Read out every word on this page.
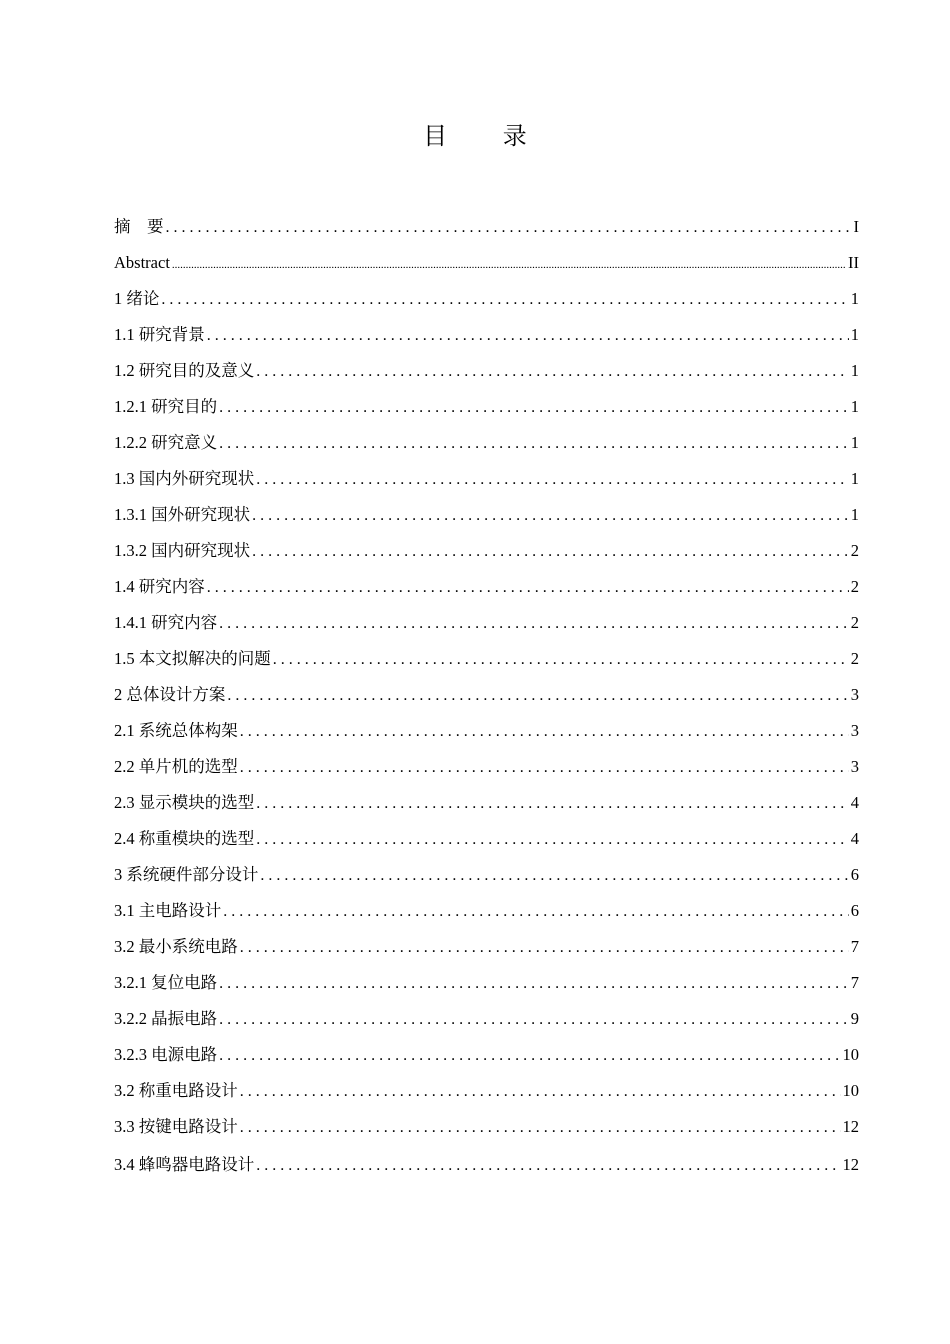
目 录
摘　要 . . .	I
Abstract .....	II
1 绪论 . . .	1
1.1 研究背景 . . .	1
1.2 研究目的及意义 . . .	1
1.2.1 研究目的 . . .	1
1.2.2 研究意义 . . .	1
1.3 国内外研究现状 . . .	1
1.3.1 国外研究现状 . . .	1
1.3.2 国内研究现状 . . .	2
1.4 研究内容 . . .	2
1.4.1 研究内容 . . .	2
1.5 本文拟解决的问题 . . .	2
2 总体设计方案 . . .	3
2.1 系统总体构架 . . .	3
2.2 单片机的选型 . . .	3
2.3 显示模块的选型 . . .	4
2.4 称重模块的选型 . . .	4
3 系统硬件部分设计 . . .	6
3.1 主电路设计 . . .	6
3.2 最小系统电路 . . .	7
3.2.1 复位电路 . . .	7
3.2.2 晶振电路 . . .	9
3.2.3 电源电路 . . .	10
3.2 称重电路设计 . . .	10
3.3 按键电路设计 . . .	12
3.4 蜂鸣器电路设计 . . .	12
